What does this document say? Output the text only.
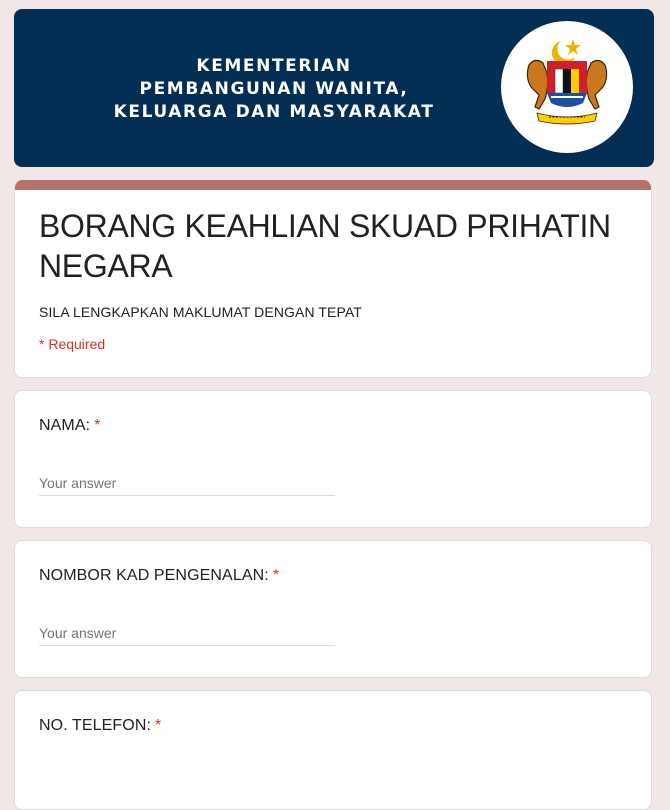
KEMENTERIAN
PEMBANGUNAN WANITA,
KELUARGA DAN MASYARAKAT
BORANG KEAHLIAN SKUAD PRIHATIN NEGARA
SILA LENGKAPKAN MAKLUMAT DENGAN TEPAT
* Required
NAMA: *
Your answer
NOMBOR KAD PENGENALAN: *
Your answer
NO. TELEFON: *
